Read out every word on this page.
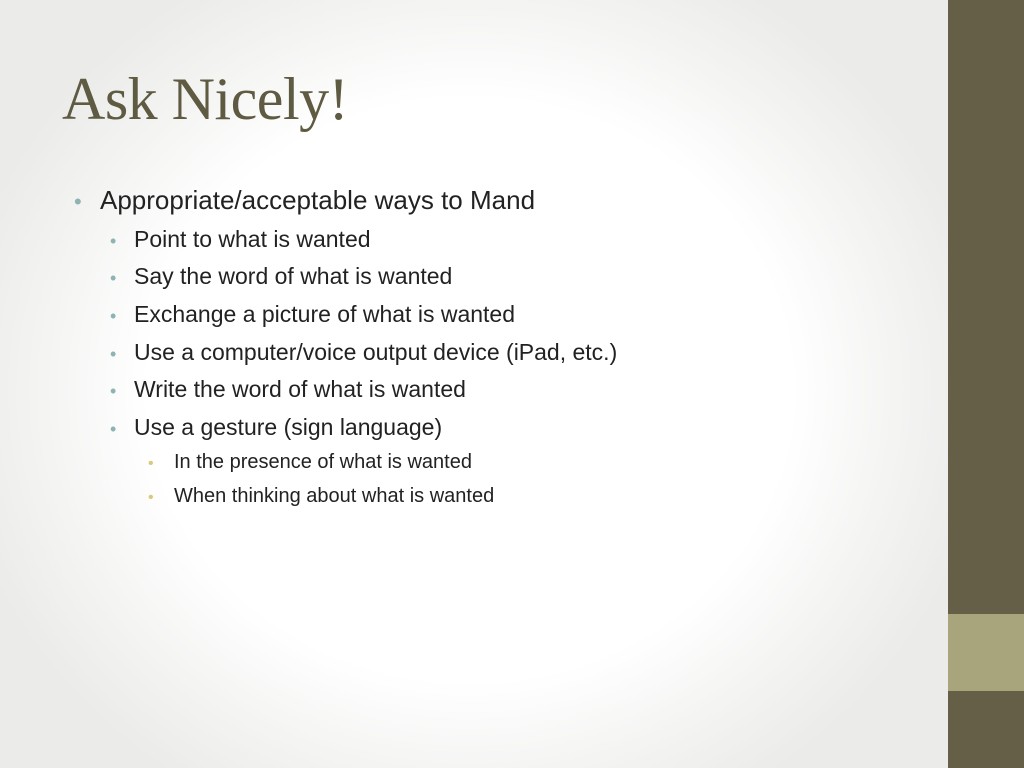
Ask Nicely!
• Appropriate/acceptable ways to Mand
• Point to what is wanted
• Say the word of what is wanted
• Exchange a picture of what is wanted
• Use a computer/voice output device (iPad, etc.)
• Write the word of what is wanted
• Use a gesture (sign language)
•	In the presence of what is wanted
•	When thinking about what is wanted
